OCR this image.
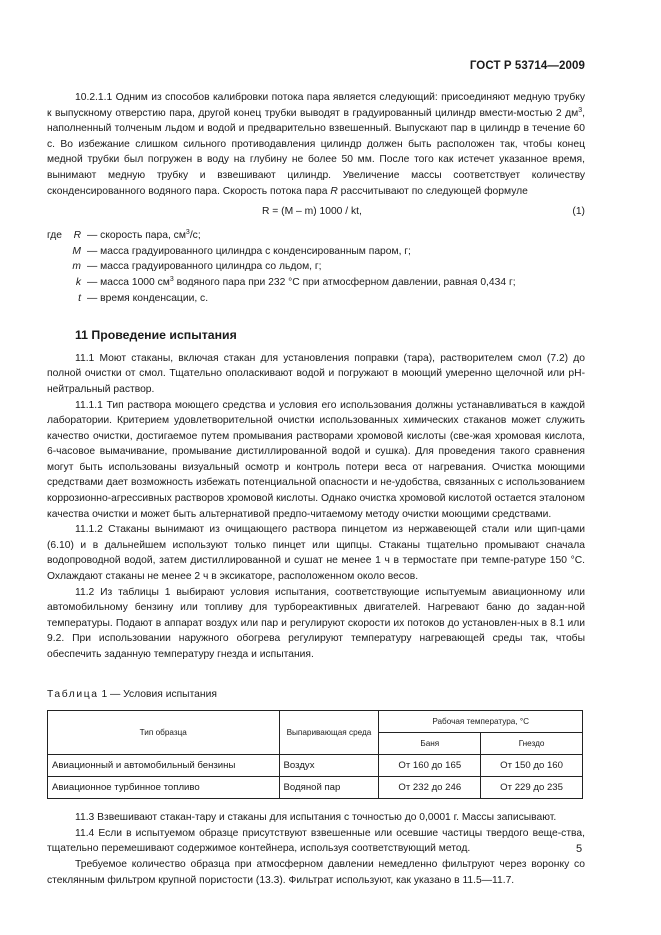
ГОСТ Р 53714—2009

10.2.1.1 Одним из способов калибровки потока пара является следующий: присоединяют медную трубку к выпускному отверстию пара, другой конец трубки выводят в градуированный цилиндр вмести-мостью 2 $дм^3$, наполненный толченым льдом и водой и предварительно взвешенный. Выпускают пар в цилиндр в течение 60 с. Во избежание слишком сильного противодавления цилиндр должен быть расположен так, чтобы конец медной трубки был погружен в воду на глубину не более 50 мм. После того как истечет указанное время, вынимают медную трубку и взвешивают цилиндр. Увеличение массы соответствует количеству сконденсированного водяного пара. Скорость потока пара R рассчитывают по следующей формуле

R = (M – m) 1000 / kt,	(1)
где	R — скорость пара, $см^3/с$;
M — масса градуированного цилиндра с конденсированным паром, г;
m — масса градуированного цилиндра со льдом, г;
k — масса 1000 $см^3$ водяного пара при 232 °С при атмосферном давлении, равная 0,434 г;
t — время конденсации, с.
11 Проведение испытания

11.1 Моют стаканы, включая стакан для установления поправки (тара), растворителем смол (7.2) до полной очистки от смол. Тщательно ополаскивают водой и погружают в моющий умеренно щелочной или рН-нейтральный раствор.

11.1.1 Тип раствора моющего средства и условия его использования должны устанавливаться в каждой лаборатории. Критерием удовлетворительной очистки использованных химических стаканов может служить качество очистки, достигаемое путем промывания растворами хромовой кислоты (све-жая хромовая кислота, 6-часовое вымачивание, промывание дистиллированной водой и сушка). Для проведения такого сравнения могут быть использованы визуальный осмотр и контроль потери веса от нагревания. Очистка моющими средствами дает возможность избежать потенциальной опасности и не-удобства, связанных с использованием коррозионно-агрессивных растворов хромовой кислоты. Однако очистка хромовой кислотой остается эталоном качества очистки и может быть альтернативой предпо-читаемому методу очистки моющими средствами.

11.1.2 Стаканы вынимают из очищающего раствора пинцетом из нержавеющей стали или щип-цами (6.10) и в дальнейшем используют только пинцет или щипцы. Стаканы тщательно промывают сначала водопроводной водой, затем дистиллированной и сушат не менее 1 ч в термостате при темпе-ратуре 150 °С. Охлаждают стаканы не менее 2 ч в эксикаторе, расположенном около весов.

11.2 Из таблицы 1 выбирают условия испытания, соответствующие испытуемым авиационному или автомобильному бензину или топливу для турбореактивных двигателей. Нагревают баню до задан-ной температуры. Подают в аппарат воздух или пар и регулируют скорости их потоков до установлен-ных в 8.1 или 9.2. При использовании наружного обогрева регулируют температуру нагревающей среды так, чтобы обеспечить заданную температуру гнезда и испытания.

Таблица 1 — Условия испытания
Тип образца	Выпаривающая среда	Рабочая температура, °С	
		Баня	Гнездо
Авиационный и автомобильный бензины	Воздух	От 160 до 165	От 150 до 160
Авиационное турбинное топливо	Водяной пар	От 232 до 246	От 229 до 235

11.3 Взвешивают стакан-тару и стаканы для испытания с точностью до 0,0001 г. Массы записывают.

11.4 Если в испытуемом образце присутствуют взвешенные или осевшие частицы твердого веще-ства, тщательно перемешивают содержимое контейнера, используя соответствующий метод.

Требуемое количество образца при атмосферном давлении немедленно фильтруют через воронку со стеклянным фильтром крупной пористости (13.3). Фильтрат используют, как указано в 11.5—11.7.

5
